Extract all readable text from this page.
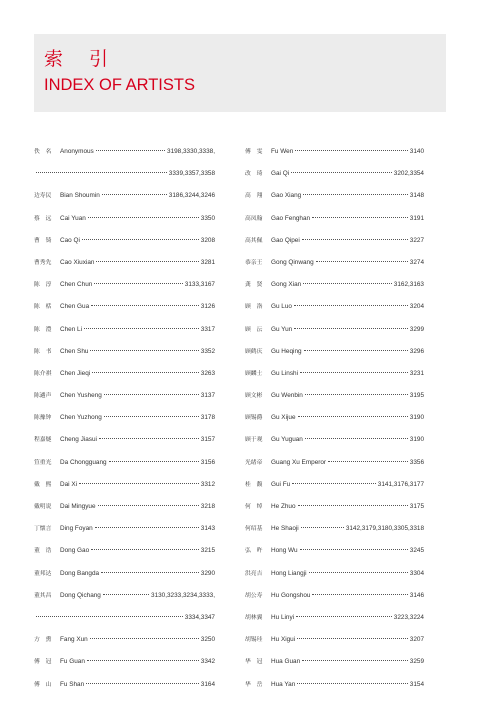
索 引
INDEX OF ARTISTS
佚　名	Anonymous	3198,3330,3338,
3339,3357,3358
边寿民	Bian Shoumin	3186,3244,3246
蔡　远	Cai Yuan	3350
曹　锜	Cao Qi	3208
曹秀先	Cao Xiuxian	3281
陈　淳	Chen Chun	3133,3167
陈　栝	Chen Gua	3126
陈　澧	Chen Li	3317
陈　书	Chen Shu	3352
陈介祺	Chen Jieqi	3263
陈遹声	Chen Yusheng	3137
陈豫钟	Chen Yuzhong	3178
程嘉燧	Cheng Jiasui	3157
笪重光	Da Chongguang	3156
戴　熙	Dai Xi	3312
戴明说	Dai Mingyue	3218
丁懐言	Ding Foyan	3143
董　诰	Dong Gao	3215
董邦达	Dong Bangda	3290
董其昌	Dong Qichang	3130,3233,3234,3333,
3334,3347
方　熏	Fang Xun	3250
傅　冠	Fu Guan	3342
傅　山	Fu Shan	3164
傅　雯	Fu Wen	3140
改　琦	Gai Qi	3202,3354
高　翔	Gao Xiang	3148
高凤翰	Gao Fenghan	3191
高其佩	Gao Qipei	3227
恭亲王	Gong Qinwang	3274
龚　贤	Gong Xian	3162,3163
顾　洛	Gu Luo	3204
顾　沄	Gu Yun	3299
顾鹤庆	Gu Heqing	3296
顾麟士	Gu Linshi	3231
顾文彬	Gu Wenbin	3195
顾锡爵	Gu Xijue	3190
顾于观	Gu Yuguan	3190
光绪帝	Guang Xu Emperor	3356
桂　馥	Gui Fu	3141,3176,3177
何　绰	He Zhuo	3175
何绍基	He Shaoji	3142,3179,3180,3305,3318
弘　旿	Hong Wu	3245
洪亮吉	Hong Liangji	3304
胡公寿	Hu Gongshou	3146
胡林翼	Hu Linyi	3223,3224
胡锡珪	Hu Xigui	3207
华　冠	Hua Guan	3259
华　岳	Hua Yan	3154
